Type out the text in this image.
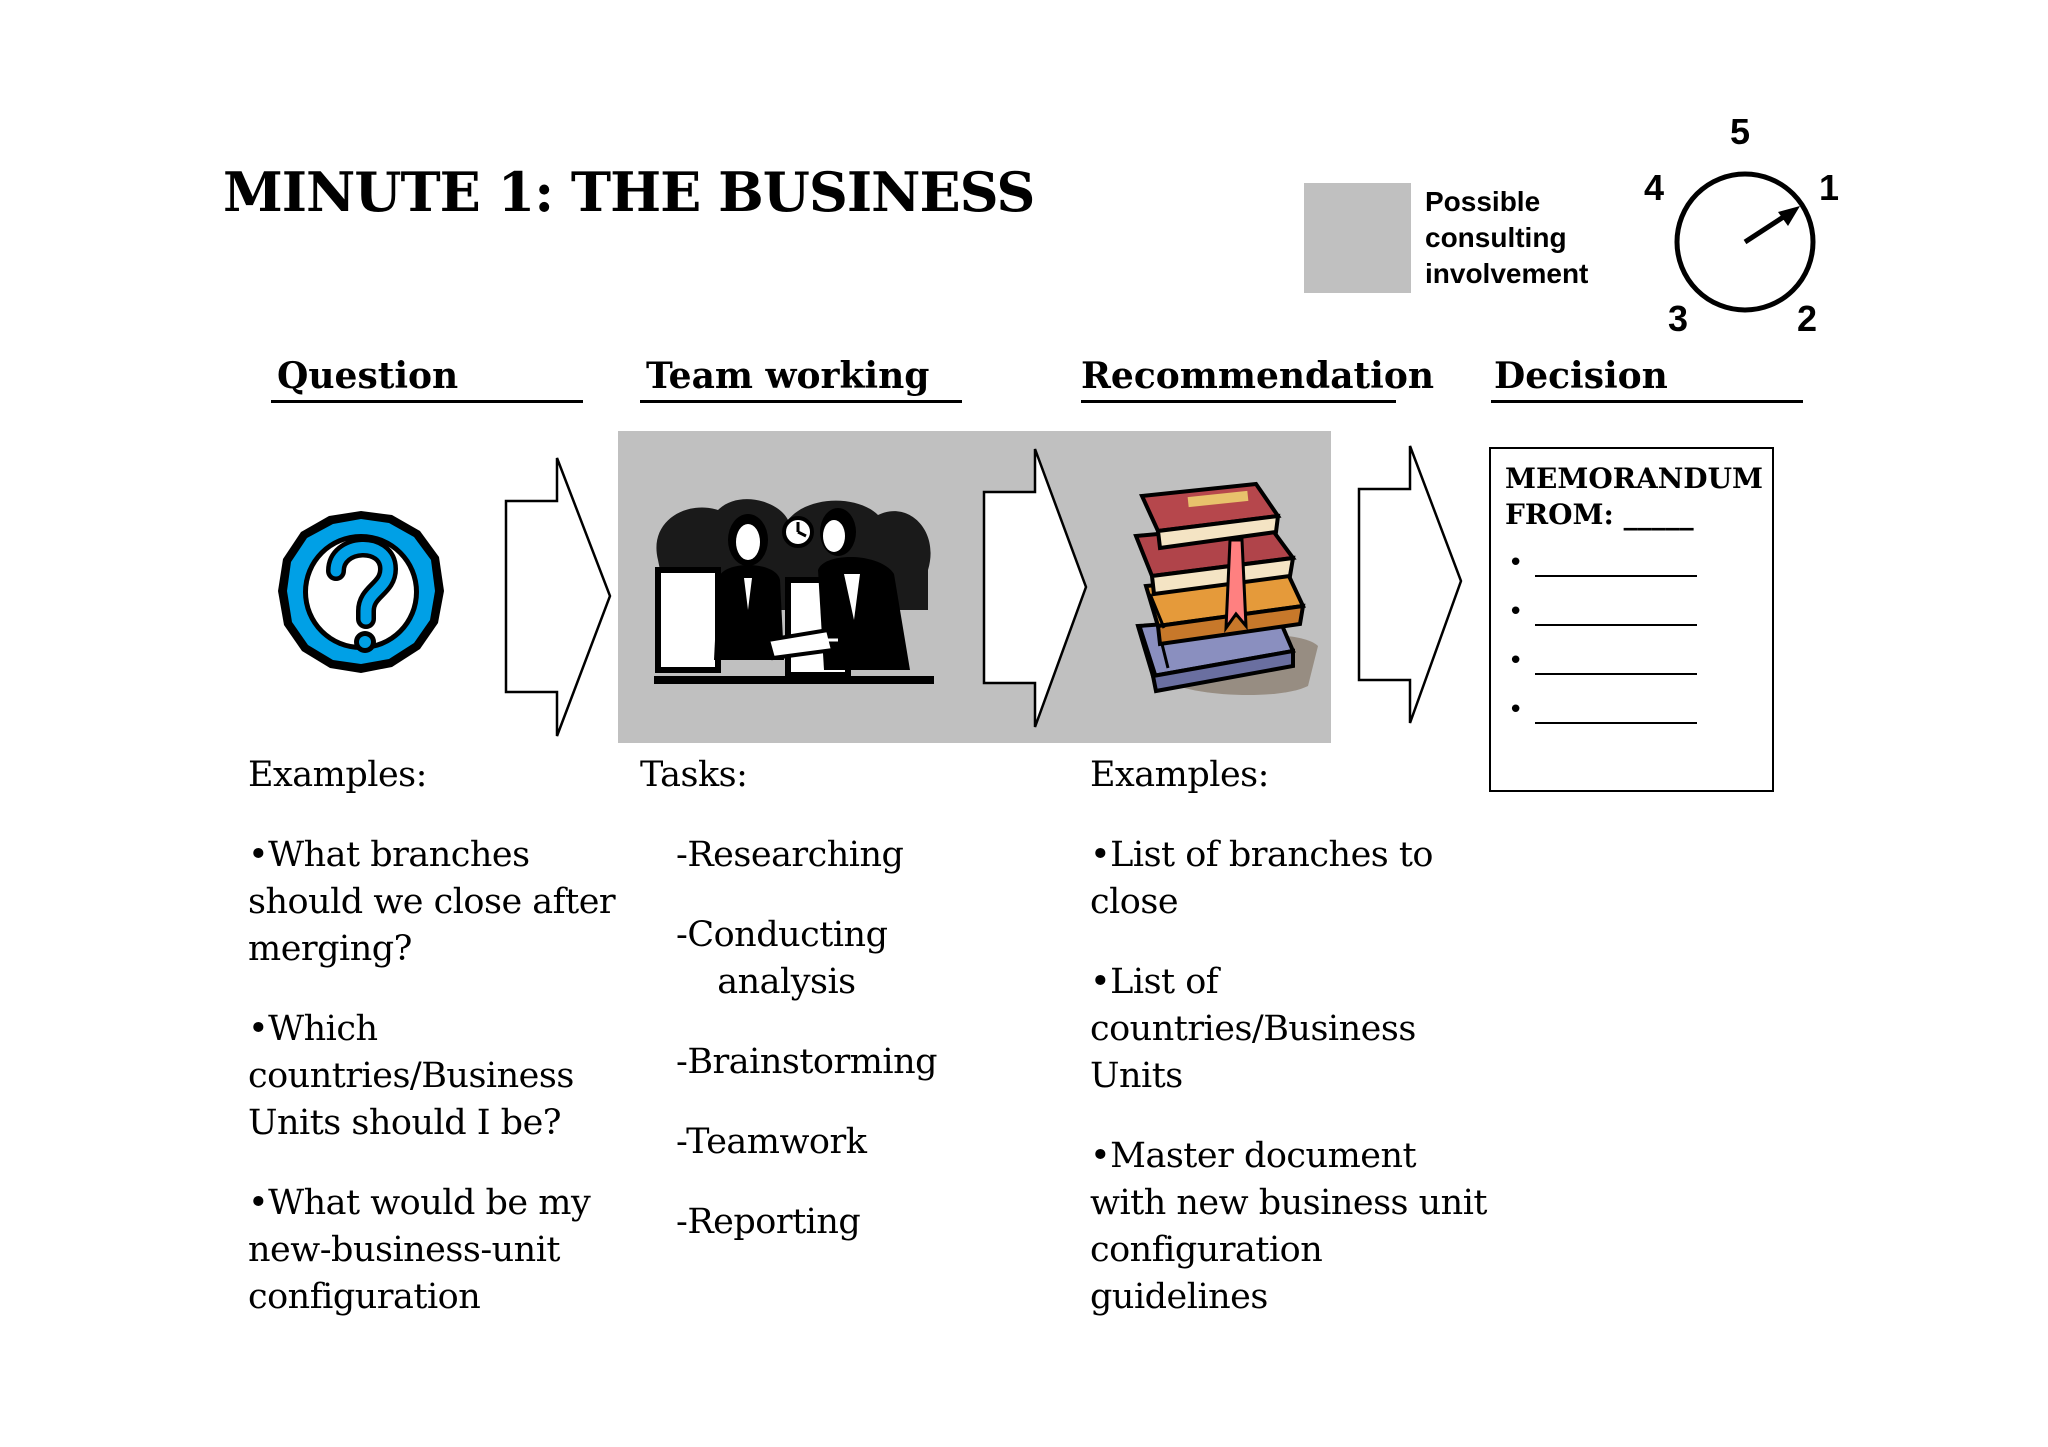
MINUTE 1: THE BUSINESS	Possible
consulting
involvement
5
1
4
3	2
Question	Team working	Recommendation Decision
MEMORANDUM
FROM: _____
•
•
•
•
Examples:
•What branches
should we close after
merging?
•Which
countries/Business
Units should I be?
•What would be my
new-business-unit
configuration
Tasks:
-Researching
-Conducting
analysis
-Brainstorming
-Teamwork
-Reporting
Examples:
•List of branches to
close
•List of
countries/Business
Units
•Master document
with new business unit
configuration
guidelines
